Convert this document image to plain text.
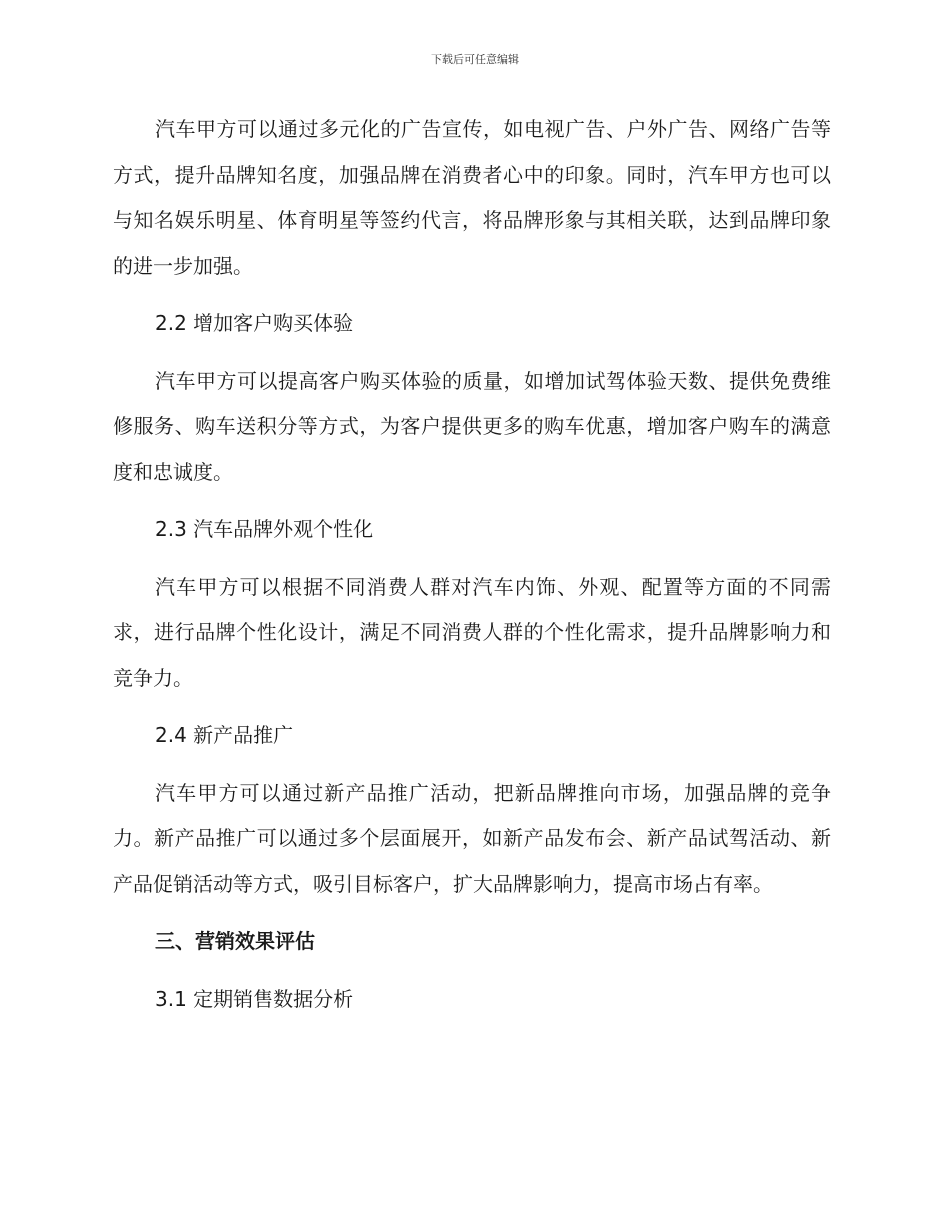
下载后可任意编辑

汽车甲方可以通过多元化的广告宣传，如电视广告、户外广告、网络广告等方式，提升品牌知名度，加强品牌在消费者心中的印象。同时，汽车甲方也可以与知名娱乐明星、体育明星等签约代言，将品牌形象与其相关联，达到品牌印象的进一步加强。

2.2 增加客户购买体验

汽车甲方可以提高客户购买体验的质量，如增加试驾体验天数、提供免费维修服务、购车送积分等方式，为客户提供更多的购车优惠，增加客户购车的满意度和忠诚度。

2.3 汽车品牌外观个性化

汽车甲方可以根据不同消费人群对汽车内饰、外观、配置等方面的不同需求，进行品牌个性化设计，满足不同消费人群的个性化需求，提升品牌影响力和竞争力。

2.4 新产品推广

汽车甲方可以通过新产品推广活动，把新品牌推向市场，加强品牌的竞争力。新产品推广可以通过多个层面展开，如新产品发布会、新产品试驾活动、新产品促销活动等方式，吸引目标客户，扩大品牌影响力，提高市场占有率。

三、营销效果评估

3.1 定期销售数据分析
